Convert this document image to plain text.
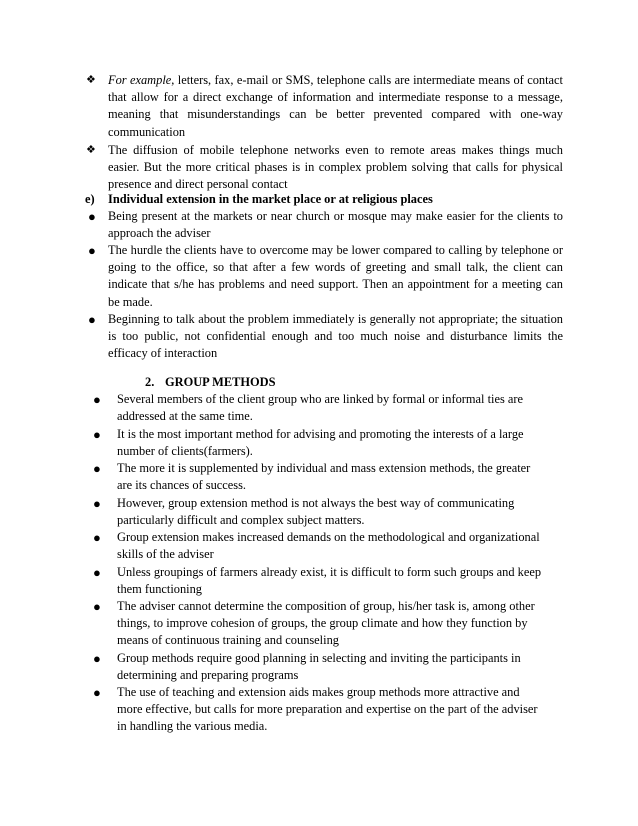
❖ For example, letters, fax, e-mail or SMS, telephone calls are intermediate means of contact that allow for a direct exchange of information and intermediate response to a message, meaning that misunderstandings can be better prevented compared with one-way communication
❖ The diffusion of mobile telephone networks even to remote areas makes things much easier. But the more critical phases is in complex problem solving that calls for physical presence and direct personal contact
e) Individual extension in the market place or at religious places
● Being present at the markets or near church or mosque may make easier for the clients to approach the adviser
● The hurdle the clients have to overcome may be lower compared to calling by telephone or going to the office, so that after a few words of greeting and small talk, the client can indicate that s/he has problems and need support. Then an appointment for a meeting can be made.
● Beginning to talk about the problem immediately is generally not appropriate; the situation is too public, not confidential enough and too much noise and disturbance limits the efficacy of interaction
2. GROUP METHODS
● Several members of the client group who are linked by formal or informal ties are addressed at the same time.
● It is the most important method for advising and promoting the interests of a large number of clients(farmers).
● The more it is supplemented by individual and mass extension methods, the greater are its chances of success.
● However, group extension method is not always the best way of communicating particularly difficult and complex subject matters.
● Group extension makes increased demands on the methodological and organizational skills of the adviser
● Unless groupings of farmers already exist, it is difficult to form such groups and keep them functioning
● The adviser cannot determine the composition of group, his/her task is, among other things, to improve cohesion of groups, the group climate and how they function by means of continuous training and counseling
● Group methods require good planning in selecting and inviting the participants in determining and preparing programs
● The use of teaching and extension aids makes group methods more attractive and more effective, but calls for more preparation and expertise on the part of the adviser in handling the various media.
